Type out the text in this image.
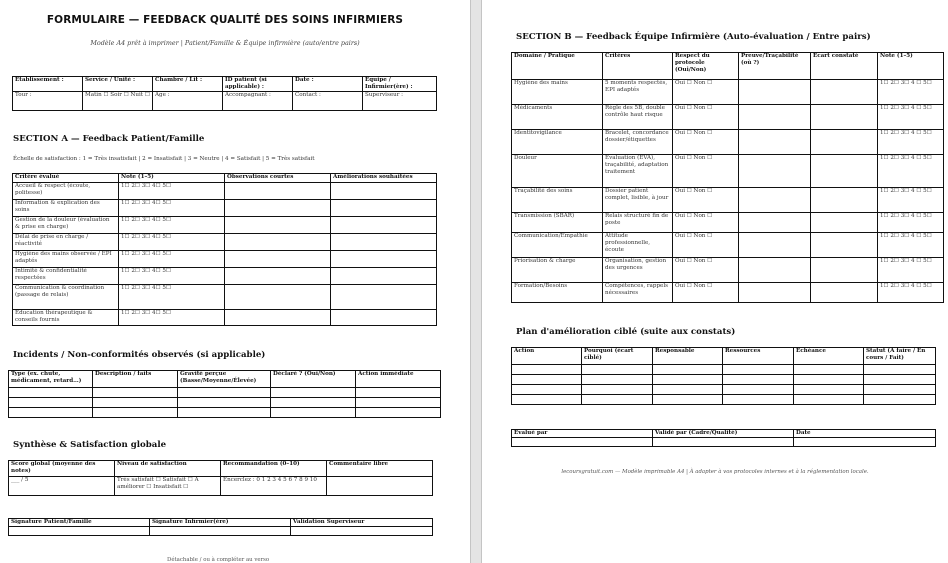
FORMULAIRE — FEEDBACK QUALITÉ DES SOINS INFIRMIERS
Modèle A4 prêt à imprimer | Patient/Famille & Équipe infirmière (auto/entre pairs)
Établissement :	Service / Unité :	Chambre / Lit :	ID patient (si applicable) :	Date :	Équipe / Infirmier(ère) :
Tour :	Matin ☐ Soir ☐ Nuit ☐	Âge :	Accompagnant :	Contact :	Superviseur :
SECTION A — Feedback Patient/Famille
Échelle de satisfaction : 1 = Très insatisfait | 2 = Insatisfait | 3 = Neutre | 4 = Satisfait | 5 = Très satisfait
Critère évalué	Note (1–5)	Observations courtes	Améliorations souhaitées
Accueil & respect (écoute, politesse)	1☐ 2☐ 3☐ 4☐ 5☐		
Information & explication des soins	1☐ 2☐ 3☐ 4☐ 5☐		
Gestion de la douleur (évaluation & prise en charge)	1☐ 2☐ 3☐ 4☐ 5☐		
Délai de prise en charge / réactivité	1☐ 2☐ 3☐ 4☐ 5☐		
Hygiène des mains observée / EPI adaptés	1☐ 2☐ 3☐ 4☐ 5☐		
Intimité & confidentialité respectées	1☐ 2☐ 3☐ 4☐ 5☐		
Communication & coordination (passage de relais)	1☐ 2☐ 3☐ 4☐ 5☐		
Éducation thérapeutique & conseils fournis	1☐ 2☐ 3☐ 4☐ 5☐		
Incidents / Non-conformités observés (si applicable)
Type (ex. chute, médicament, retard…)	Description / faits	Gravité perçue (Basse/Moyenne/Élevée)	Déclaré ? (Oui/Non)	Action immédiate

Synthèse & Satisfaction globale
Score global (moyenne des notes)	Niveau de satisfaction	Recommandation (0–10)	Commentaire libre
___ / 5	Très satisfait ☐ Satisfait ☐ À améliorer ☐ Insatisfait ☐	Encerclez : 0 1 2 3 4 5 6 7 8 9 10	
Signature Patient/Famille	Signature Infirmier(ère)	Validation Superviseur

Détachable / ou à compléter au verso
SECTION B — Feedback Équipe Infirmière (Auto-évaluation / Entre pairs)
Domaine / Pratique	Critères	Respect du protocole (Oui/Non)	Preuve/Traçabilité (où ?)	Écart constaté	Note (1–5)
Hygiène des mains	5 moments respectés, EPI adaptés	Oui ☐ Non ☐			1☐ 2☐ 3☐ 4 ☐ 5☐
Médicaments	Règle des 5B, double contrôle haut risque	Oui ☐ Non ☐			1☐ 2☐ 3☐ 4 ☐ 5☐
Identitovigilance	Bracelet, concordance dossier/étiquettes	Oui ☐ Non ☐			1☐ 2☐ 3☐ 4 ☐ 5☐
Douleur	Évaluation (EVA), traçabilité, adaptation traitement	Oui ☐ Non ☐			1☐ 2☐ 3☐ 4 ☐ 5☐
Traçabilité des soins	Dossier patient complet, lisible, à jour	Oui ☐ Non ☐			1☐ 2☐ 3☐ 4 ☐ 5☐
Transmission (SBAR)	Relais structuré fin de poste	Oui ☐ Non ☐			1☐ 2☐ 3☐ 4 ☐ 5☐
Communication/Empathie	Attitude professionnelle, écoute	Oui ☐ Non ☐			1☐ 2☐ 3☐ 4 ☐ 5☐
Priorisation & charge	Organisation, gestion des urgences	Oui ☐ Non ☐			1☐ 2☐ 3☐ 4 ☐ 5☐
Formation/Besoins	Compétences, rappels nécessaires	Oui ☐ Non ☐			1☐ 2☐ 3☐ 4 ☐ 5☐
Plan d'amélioration ciblé (suite aux constats)
Action	Pourquoi (écart ciblé)	Responsable	Ressources	Échéance	Statut (À faire / En cours / Fait)

Évalué par	Validé par (Cadre/Qualité)	Date

lecoursgratuit.com — Modèle imprimable A4 | À adapter à vos protocoles internes et à la réglementation locale.
